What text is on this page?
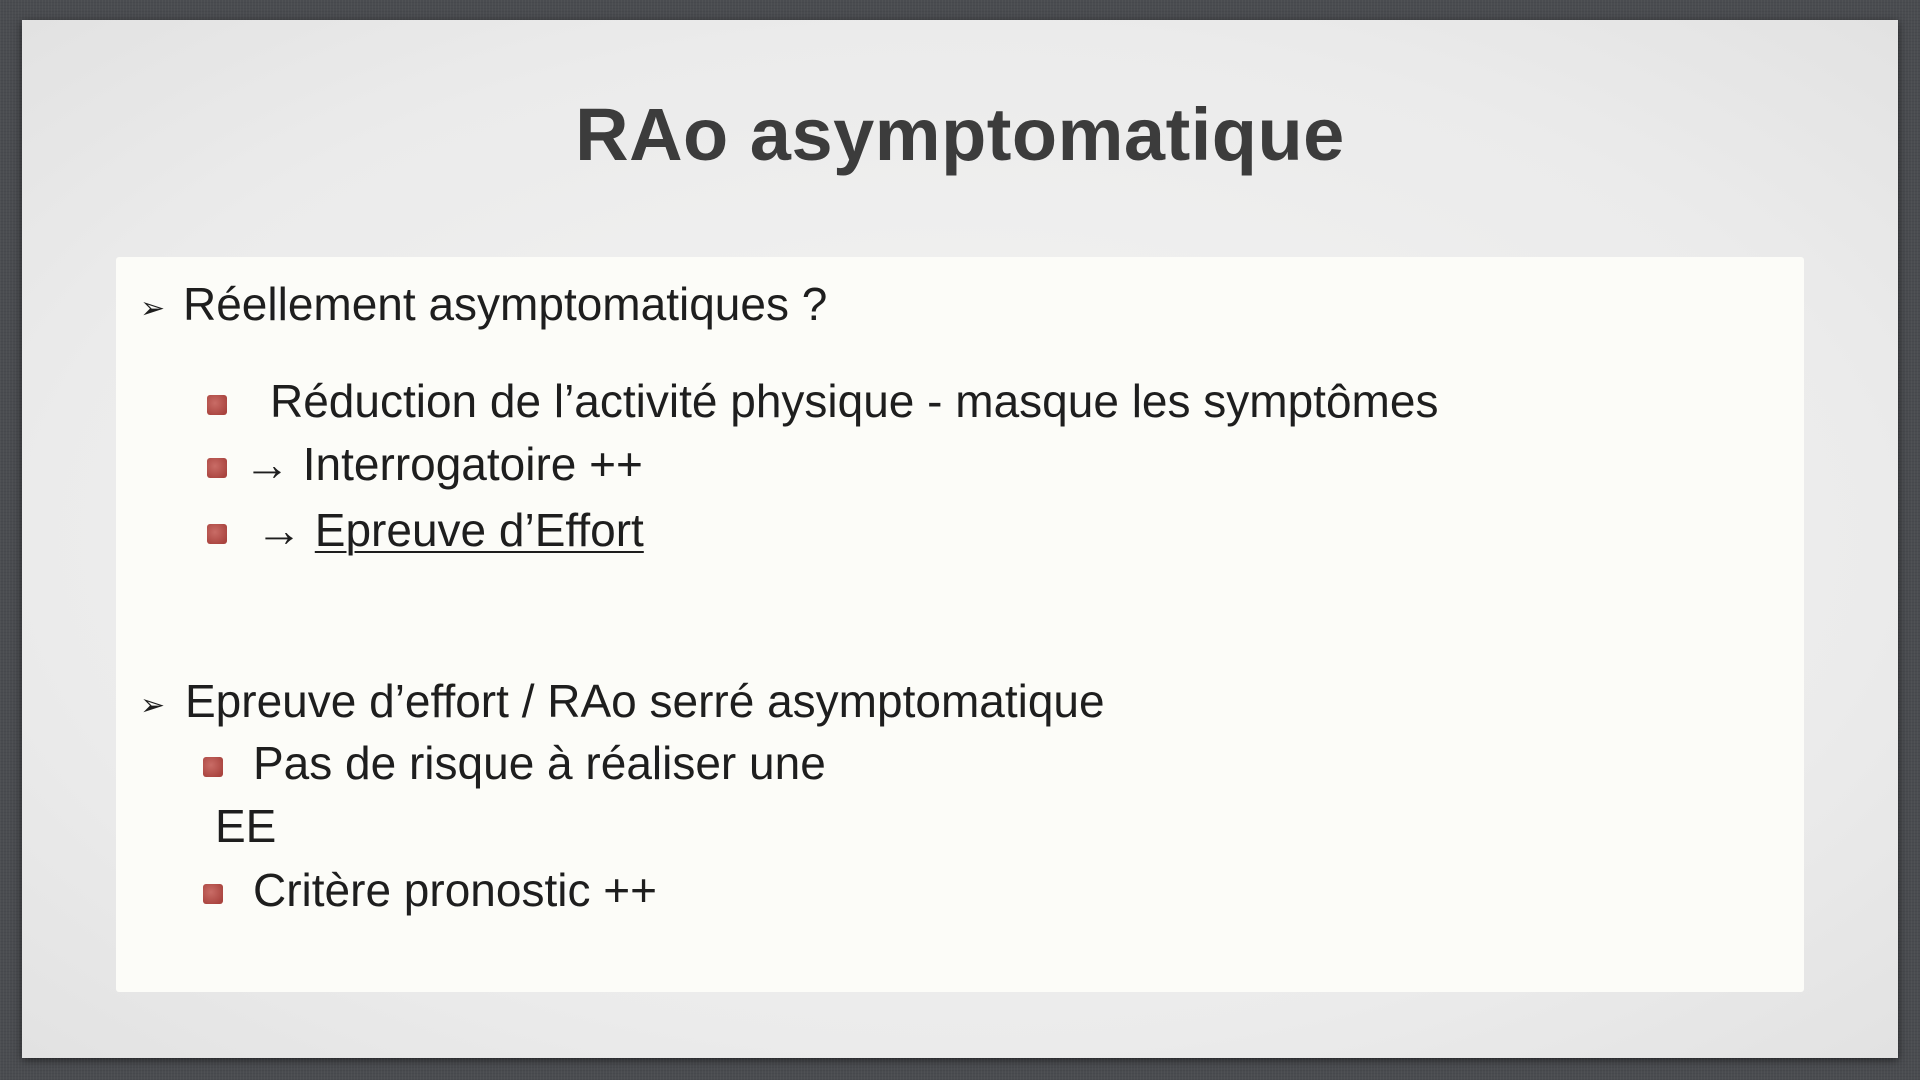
RAo asymptomatique
➢ Réellement asymptomatiques ?
Réduction de l’activité physique - masque les symptômes
→ Interrogatoire ++
→ Epreuve d’Effort
➢ Epreuve d’effort / RAo serré asymptomatique
Pas de risque à réaliser une
EE
Critère pronostic ++
